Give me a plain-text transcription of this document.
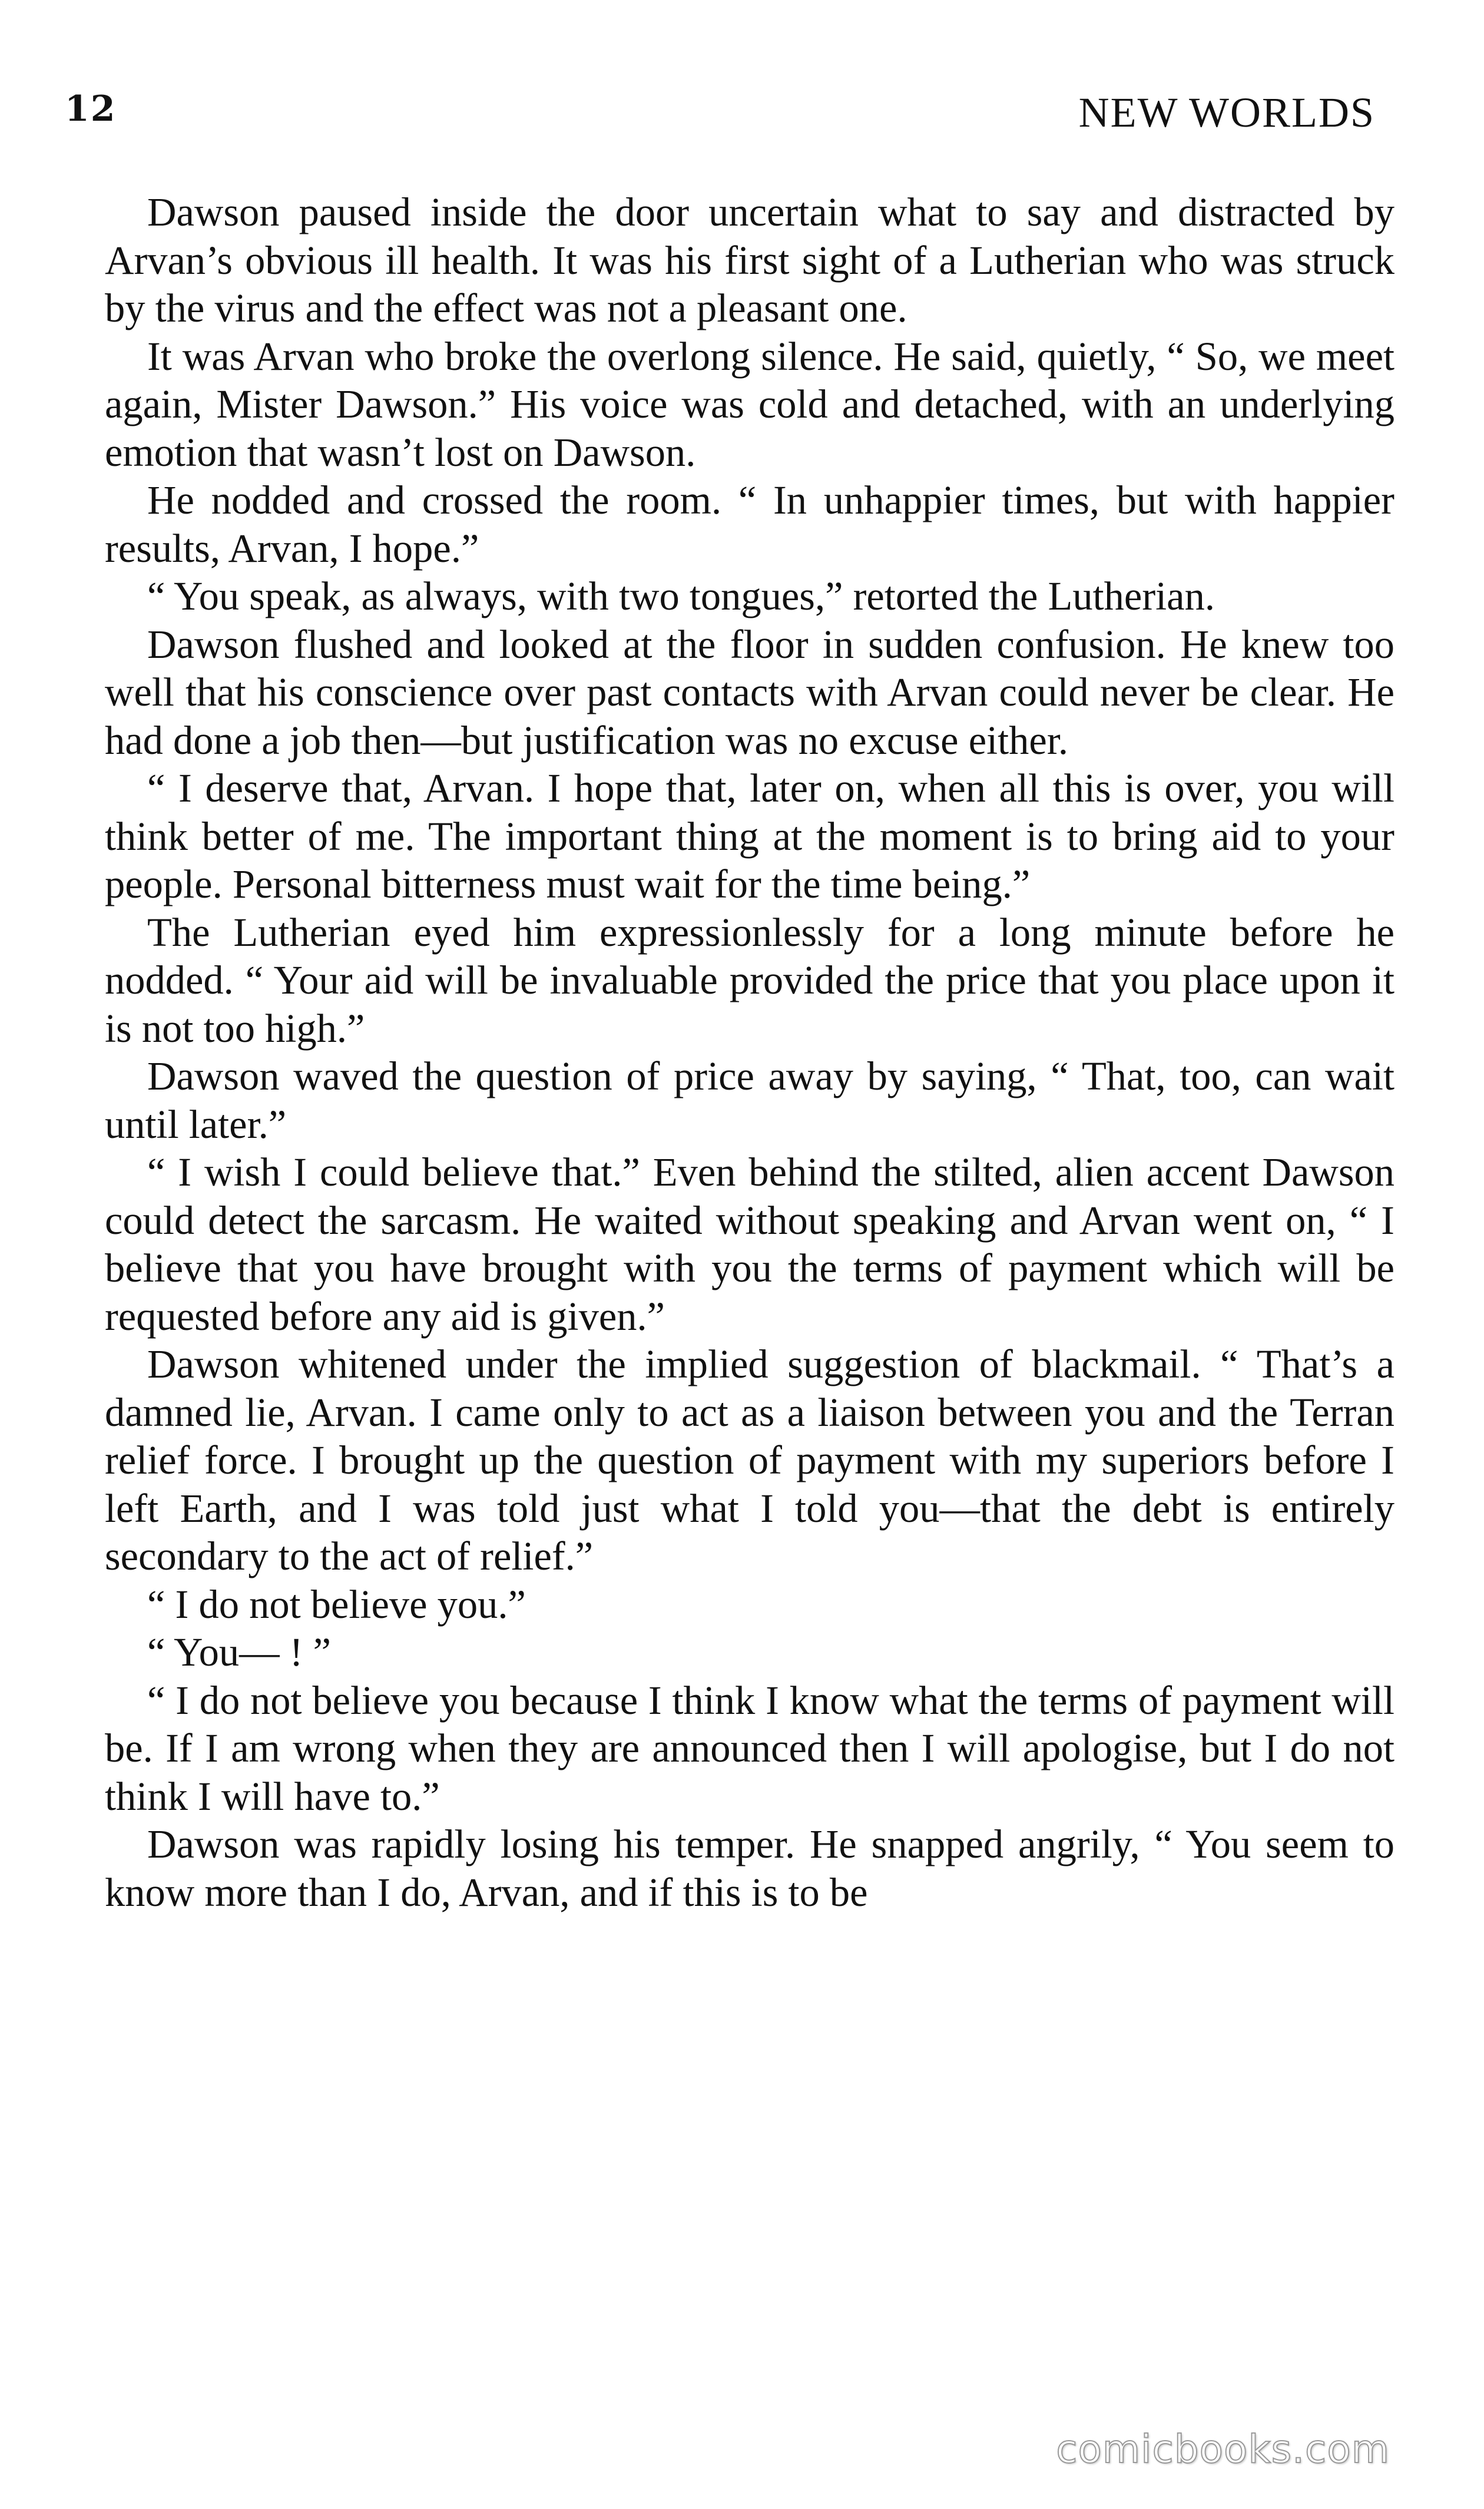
12	NEW WORLDS

Dawson paused inside the door uncertain what to say and distracted by Arvan’s obvious ill health. It was his first sight of a Lutherian who was struck by the virus and the effect was not a pleasant one.

It was Arvan who broke the overlong silence. He said, quietly, “ So, we meet again, Mister Dawson.” His voice was cold and detached, with an underlying emotion that wasn’t lost on Dawson.

He nodded and crossed the room. “ In unhappier times, but with happier results, Arvan, I hope.”

“ You speak, as always, with two tongues,” retorted the Lutherian.

Dawson flushed and looked at the floor in sudden confusion. He knew too well that his conscience over past contacts with Arvan could never be clear. He had done a job then—but justification was no excuse either.

“ I deserve that, Arvan. I hope that, later on, when all this is over, you will think better of me. The important thing at the moment is to bring aid to your people. Personal bitterness must wait for the time being.”

The Lutherian eyed him expressionlessly for a long minute before he nodded. “ Your aid will be invaluable provided the price that you place upon it is not too high.”

Dawson waved the question of price away by saying, “ That, too, can wait until later.”

“ I wish I could believe that.” Even behind the stilted, alien accent Dawson could detect the sarcasm. He waited without speaking and Arvan went on, “ I believe that you have brought with you the terms of payment which will be requested before any aid is given.”

Dawson whitened under the implied suggestion of blackmail. “ That’s a damned lie, Arvan. I came only to act as a liaison between you and the Terran relief force. I brought up the question of payment with my superiors before I left Earth, and I was told just what I told you—that the debt is entirely secondary to the act of relief.”

“ I do not believe you.”

“ You— ! ”

“ I do not believe you because I think I know what the terms of payment will be. If I am wrong when they are announced then I will apologise, but I do not think I will have to.”

Dawson was rapidly losing his temper. He snapped angrily, “ You seem to know more than I do, Arvan, and if this is to be

comicbooks.com
